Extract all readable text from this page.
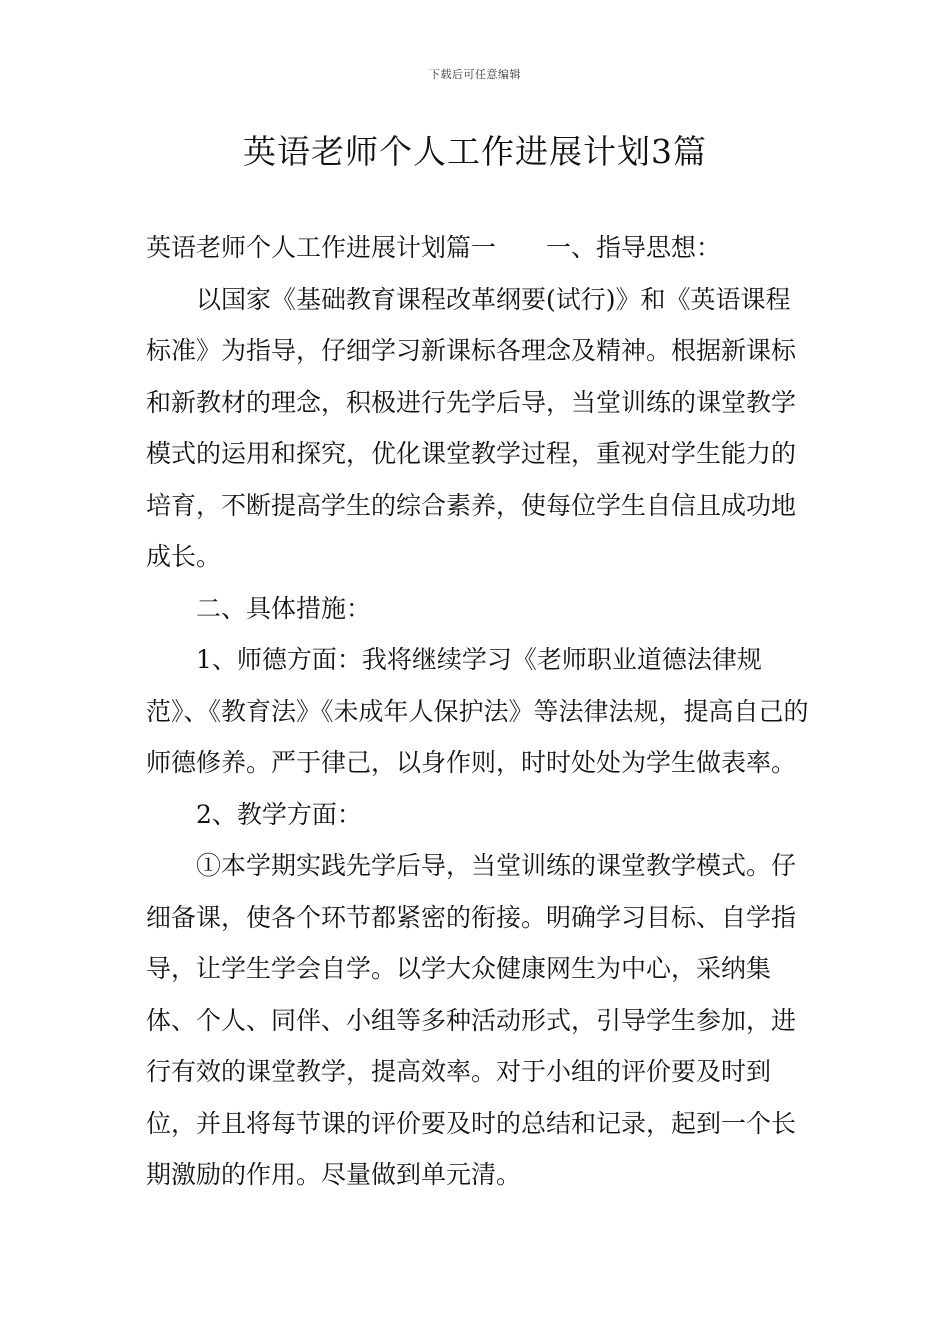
下载后可任意编辑
英语老师个人工作进展计划3篇

英语老师个人工作进展计划篇一 一、指导思想：

以国家《基础教育课程改革纲要(试行)》和《英语课程标准》为指导，仔细学习新课标各理念及精神。根据新课标和新教材的理念，积极进行先学后导，当堂训练的课堂教学模式的运用和探究，优化课堂教学过程，重视对学生能力的培育，不断提高学生的综合素养，使每位学生自信且成功地成长。

二、具体措施：

1、师德方面：我将继续学习《老师职业道德法律规范》、《教育法》《未成年人保护法》等法律法规，提高自己的师德修养。严于律己，以身作则，时时处处为学生做表率。

2、教学方面：

①本学期实践先学后导，当堂训练的课堂教学模式。仔细备课，使各个环节都紧密的衔接。明确学习目标、自学指导，让学生学会自学。以学大众健康网生为中心，采纳集体、个人、同伴、小组等多种活动形式，引导学生参加，进行有效的课堂教学，提高效率。对于小组的评价要及时到位，并且将每节课的评价要及时的总结和记录，起到一个长期激励的作用。尽量做到单元清。
